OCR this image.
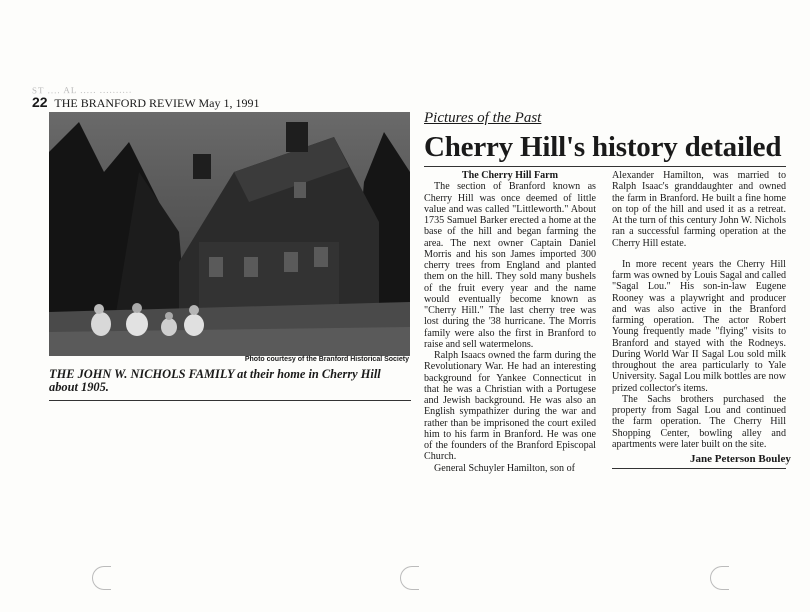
ST .... AL ..... ..........
22 THE BRANFORD REVIEW May 1, 1991
Photo courtesy of the Branford Historical Society
THE JOHN W. NICHOLS FAMILY at their home in Cherry Hill about 1905.
Pictures of the Past
Cherry Hill's history detailed

The Cherry Hill Farm

The section of Branford known as Cherry Hill was once deemed of little value and was called "Littleworth." About 1735 Samuel Barker erected a home at the base of the hill and began farming the area. The next owner Captain Daniel Morris and his son James imported 300 cherry trees from England and planted them on the hill. They sold many bushels of the fruit every year and the name would eventually become known as "Cherry Hill." The last cherry tree was lost during the '38 hurricane. The Morris family were also the first in Branford to raise and sell watermelons.

Ralph Isaacs owned the farm during the Revolutionary War. He had an interesting background for Yankee Connecticut in that he was a Christian with a Portugese and Jewish background. He was also an English sympathizer during the war and rather than be imprisoned the court exiled him to his farm in Branford. He was one of the founders of the Branford Episcopal Church.

General Schuyler Hamilton, son of

Alexander Hamilton, was married to Ralph Isaac's granddaughter and owned the farm in Branford. He built a fine home on top of the hill and used it as a retreat. At the turn of this century John W. Nichols ran a successful farming operation at the Cherry Hill estate.

In more recent years the Cherry Hill farm was owned by Louis Sagal and called "Sagal Lou." His son-in-law Eugene Rooney was a playwright and producer and was also active in the Branford farming operation. The actor Robert Young frequently made "flying" visits to Branford and stayed with the Rodneys. During World War II Sagal Lou sold milk throughout the area particularly to Yale University. Sagal Lou milk bottles are now prized collector's items.

The Sachs brothers purchased the property from Sagal Lou and continued the farm operation. The Cherry Hill Shopping Center, bowling alley and apartments were later built on the site.

Jane Peterson Bouley
